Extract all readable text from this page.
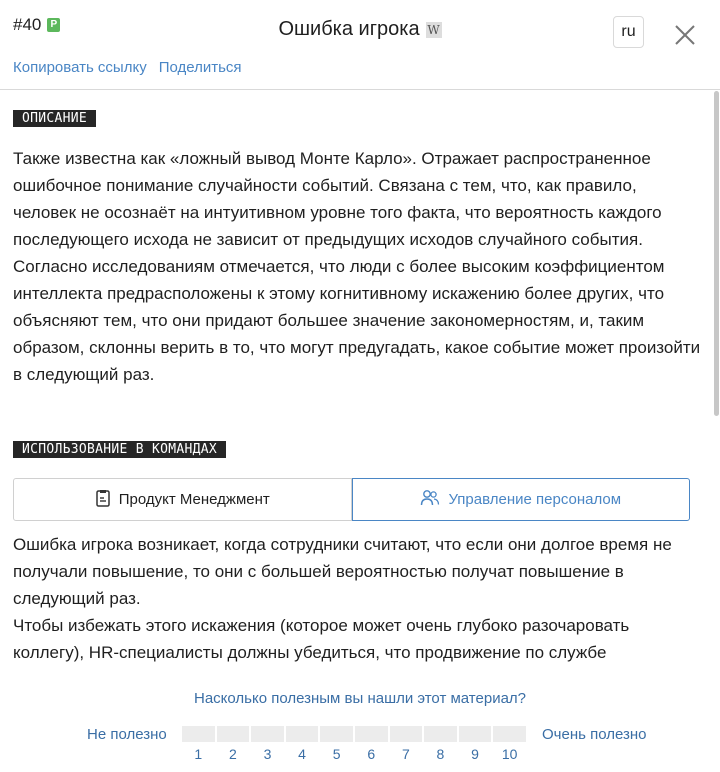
#40 P	Ошибка игрока W	ru
Копировать ссылку Поделиться
ОПИСАНИЕ
Также известна как «ложный вывод Монте Карло». Отражает распространенное ошибочное понимание случайности событий. Связана с тем, что, как правило, человек не осознаёт на интуитивном уровне того факта, что вероятность каждого последующего исхода не зависит от предыдущих исходов случайного события.
Согласно исследованиям отмечается, что люди с более высоким коэффициентом интеллекта предрасположены к этому когнитивному искажению более других, что объясняют тем, что они придают большее значение закономерностям, и, таким образом, склонны верить в то, что могут предугадать, какое событие может произойти в следующий раз.
ИСПОЛЬЗОВАНИЕ В КОМАНДАХ
Продукт Менеджмент	Управление персоналом
Ошибка игрока возникает, когда сотрудники считают, что если они долгое время не получали повышение, то они с большей вероятностью получат повышение в следующий раз.
Чтобы избежать этого искажения (которое может очень глубоко разочаровать коллегу), HR-специалисты должны убедиться, что продвижение по службе
Насколько полезным вы нашли этот материал?
Не полезно
1	2	3	4	5	6	7	8	9	10
Очень полезно
